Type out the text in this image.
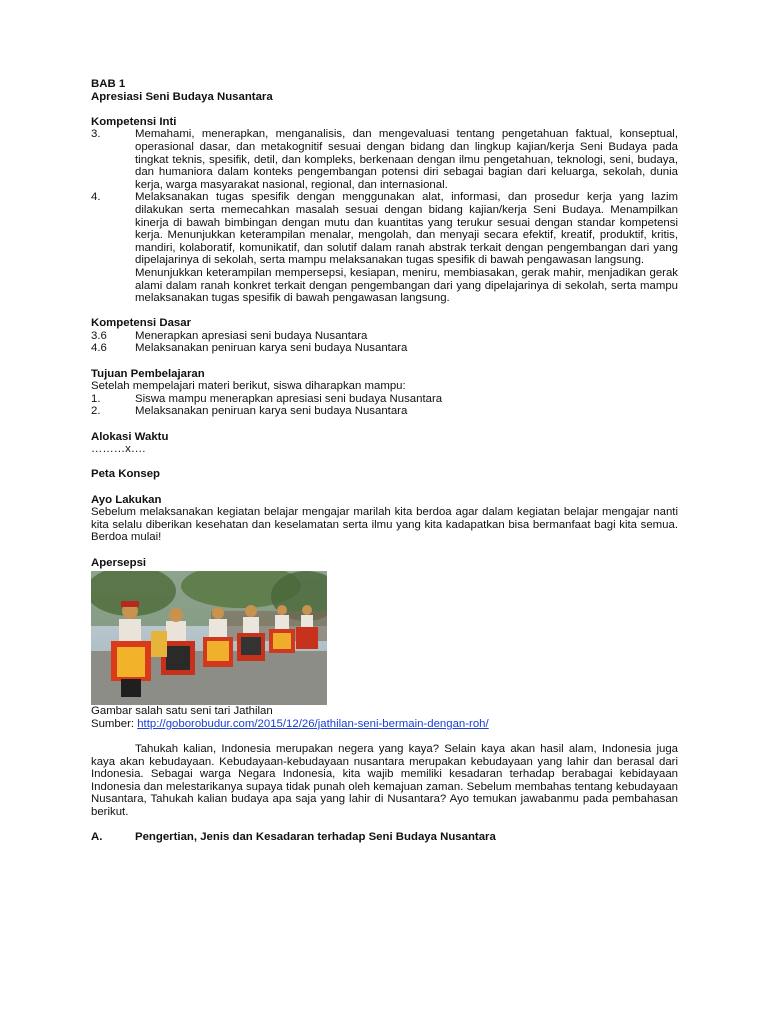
BAB 1
Apresiasi Seni Budaya Nusantara
Kompetensi Inti
3.	Memahami, menerapkan, menganalisis, dan mengevaluasi tentang pengetahuan faktual, konseptual, operasional dasar, dan metakognitif sesuai dengan bidang dan lingkup kajian/kerja Seni Budaya pada tingkat teknis, spesifik, detil, dan kompleks, berkenaan dengan ilmu pengetahuan, teknologi, seni, budaya, dan humaniora dalam konteks pengembangan potensi diri sebagai bagian dari keluarga, sekolah, dunia kerja, warga masyarakat nasional, regional, dan internasional.
4.	Melaksanakan tugas spesifik dengan menggunakan alat, informasi, dan prosedur kerja yang lazim dilakukan serta memecahkan masalah sesuai dengan bidang kajian/kerja Seni Budaya. Menampilkan kinerja di bawah bimbingan dengan mutu dan kuantitas yang terukur sesuai dengan standar kompetensi kerja. Menunjukkan keterampilan menalar, mengolah, dan menyaji secara efektif, kreatif, produktif, kritis, mandiri, kolaboratif, komunikatif, dan solutif dalam ranah abstrak terkait dengan pengembangan dari yang dipelajarinya di sekolah, serta mampu melaksanakan tugas spesifik di bawah pengawasan langsung.
Menunjukkan keterampilan mempersepsi, kesiapan, meniru, membiasakan, gerak mahir, menjadikan gerak alami dalam ranah konkret terkait dengan pengembangan dari yang dipelajarinya di sekolah, serta mampu melaksanakan tugas spesifik di bawah pengawasan langsung.
Kompetensi Dasar
3.6	Menerapkan apresiasi seni budaya Nusantara
4.6	Melaksanakan peniruan karya seni budaya Nusantara
Tujuan Pembelajaran
Setelah mempelajari materi berikut, siswa diharapkan mampu:
1.	Siswa mampu menerapkan apresiasi seni budaya Nusantara
2.	Melaksanakan peniruan karya seni budaya Nusantara
Alokasi Waktu
………x….
Peta Konsep
Ayo Lakukan
Sebelum melaksanakan kegiatan belajar mengajar marilah kita berdoa agar dalam kegiatan belajar mengajar nanti kita selalu diberikan kesehatan dan keselamatan serta ilmu yang kita kadapatkan bisa bermanfaat bagi kita semua. Berdoa mulai!
Apersepsi
Gambar salah satu seni tari Jathilan
Sumber: http://goborobudur.com/2015/12/26/jathilan-seni-bermain-dengan-roh/
Tahukah kalian, Indonesia merupakan negera yang kaya? Selain kaya akan hasil alam, Indonesia juga kaya akan kebudayaan. Kebudayaan-kebudayaan nusantara merupakan kebudayaan yang lahir dan berasal dari Indonesia. Sebagai warga Negara Indonesia, kita wajib memiliki kesadaran terhadap berabagai kebidayaan Indonesia dan melestarikanya supaya tidak punah oleh kemajuan zaman. Sebelum membahas tentang kebudayaan Nusantara, Tahukah kalian budaya apa saja yang lahir di Nusantara? Ayo temukan jawabanmu pada pembahasan berikut.
A.	Pengertian, Jenis dan Kesadaran terhadap Seni Budaya Nusantara
